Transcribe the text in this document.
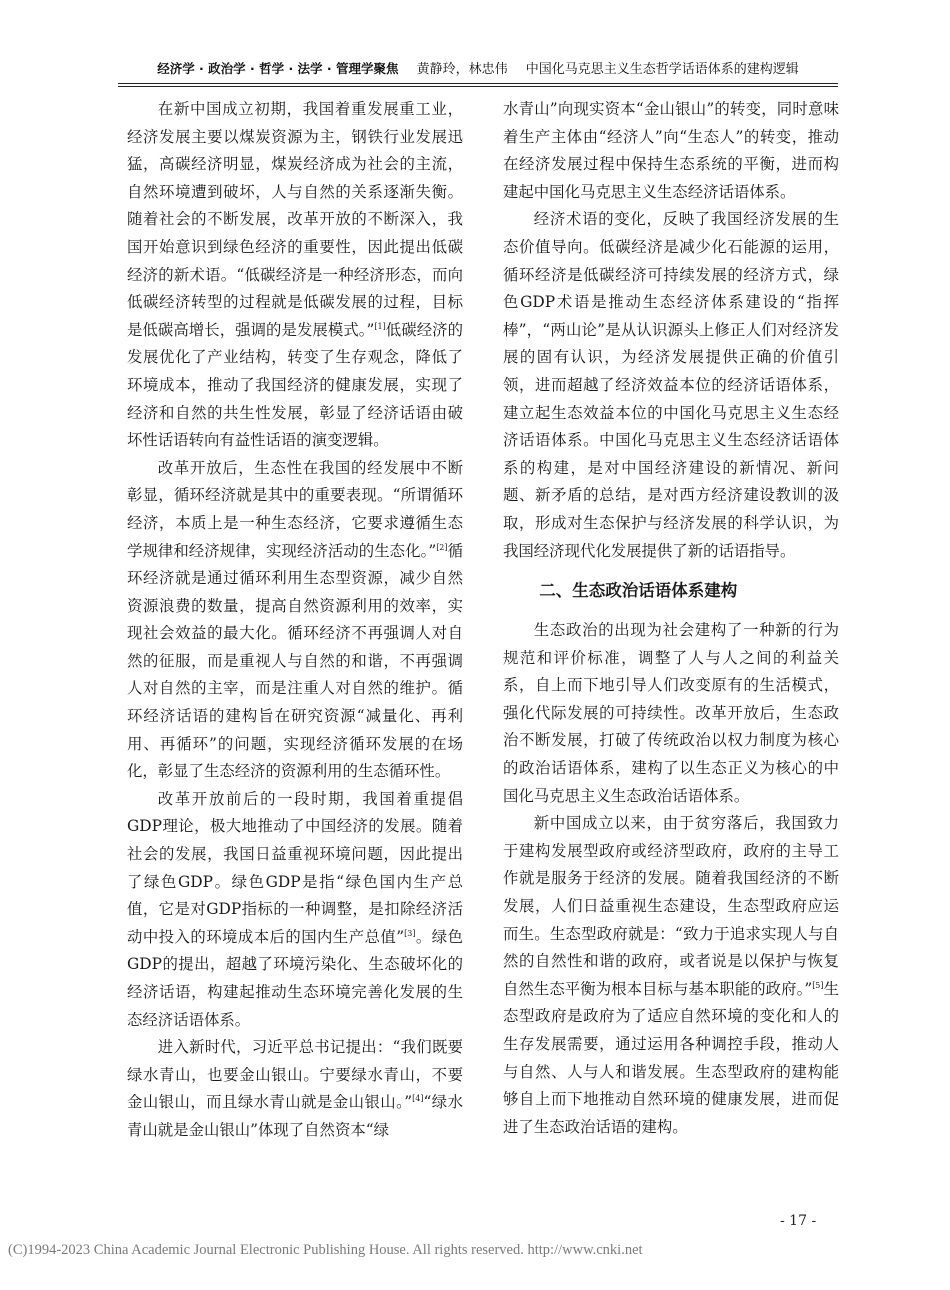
经济学 · 政治学 · 哲学 · 法学 · 管理学聚焦 黄静玲，林忠伟 中国化马克思主义生态哲学话语体系的建构逻辑

在新中国成立初期，我国着重发展重工业，经济发展主要以煤炭资源为主，钢铁行业发展迅猛，高碳经济明显，煤炭经济成为社会的主流，自然环境遭到破坏，人与自然的关系逐渐失衡。随着社会的不断发展，改革开放的不断深入，我国开始意识到绿色经济的重要性，因此提出低碳经济的新术语。“低碳经济是一种经济形态，而向低碳经济转型的过程就是低碳发展的过程，目标是低碳高增长，强调的是发展模式。”[1]低碳经济的发展优化了产业结构，转变了生存观念，降低了环境成本，推动了我国经济的健康发展，实现了经济和自然的共生性发展，彰显了经济话语由破坏性话语转向有益性话语的演变逻辑。

改革开放后，生态性在我国的经发展中不断彰显，循环经济就是其中的重要表现。“所谓循环经济，本质上是一种生态经济，它要求遵循生态学规律和经济规律，实现经济活动的生态化。”[2]循环经济就是通过循环利用生态型资源，减少自然资源浪费的数量，提高自然资源利用的效率，实现社会效益的最大化。循环经济不再强调人对自然的征服，而是重视人与自然的和谐，不再强调人对自然的主宰，而是注重人对自然的维护。循环经济话语的建构旨在研究资源“减量化、再利用、再循环”的问题，实现经济循环发展的在场化，彰显了生态经济的资源利用的生态循环性。

改革开放前后的一段时期，我国着重提倡GDP理论，极大地推动了中国经济的发展。随着社会的发展，我国日益重视环境问题，因此提出了绿色GDP。绿色GDP是指“绿色国内生产总值，它是对GDP指标的一种调整，是扣除经济活动中投入的环境成本后的国内生产总值”[3]。绿色GDP的提出，超越了环境污染化、生态破坏化的经济话语，构建起推动生态环境完善化发展的生态经济话语体系。

进入新时代，习近平总书记提出：“我们既要绿水青山，也要金山银山。宁要绿水青山，不要金山银山，而且绿水青山就是金山银山。”[4]“绿水青山就是金山银山”体现了自然资本“绿

水青山”向现实资本“金山银山”的转变，同时意味着生产主体由“经济人”向“生态人”的转变，推动在经济发展过程中保持生态系统的平衡，进而构建起中国化马克思主义生态经济话语体系。

经济术语的变化，反映了我国经济发展的生态价值导向。低碳经济是减少化石能源的运用，循环经济是低碳经济可持续发展的经济方式，绿色GDP术语是推动生态经济体系建设的“指挥棒”，“两山论”是从认识源头上修正人们对经济发展的固有认识，为经济发展提供正确的价值引领，进而超越了经济效益本位的经济话语体系，建立起生态效益本位的中国化马克思主义生态经济话语体系。中国化马克思主义生态经济话语体系的构建，是对中国经济建设的新情况、新问题、新矛盾的总结，是对西方经济建设教训的汲取，形成对生态保护与经济发展的科学认识，为我国经济现代化发展提供了新的话语指导。

二、生态政治话语体系建构

生态政治的出现为社会建构了一种新的行为规范和评价标准，调整了人与人之间的利益关系，自上而下地引导人们改变原有的生活模式，强化代际发展的可持续性。改革开放后，生态政治不断发展，打破了传统政治以权力制度为核心的政治话语体系，建构了以生态正义为核心的中国化马克思主义生态政治话语体系。

新中国成立以来，由于贫穷落后，我国致力于建构发展型政府或经济型政府，政府的主导工作就是服务于经济的发展。随着我国经济的不断发展，人们日益重视生态建设，生态型政府应运而生。生态型政府就是：“致力于追求实现人与自然的自然性和谐的政府，或者说是以保护与恢复自然生态平衡为根本目标与基本职能的政府。”[5]生态型政府是政府为了适应自然环境的变化和人的生存发展需要，通过运用各种调控手段，推动人与自然、人与人和谐发展。生态型政府的建构能够自上而下地推动自然环境的健康发展，进而促进了生态政治话语的建构。

- 17 -
(C)1994-2023 China Academic Journal Electronic Publishing House. All rights reserved. http://www.cnki.net
